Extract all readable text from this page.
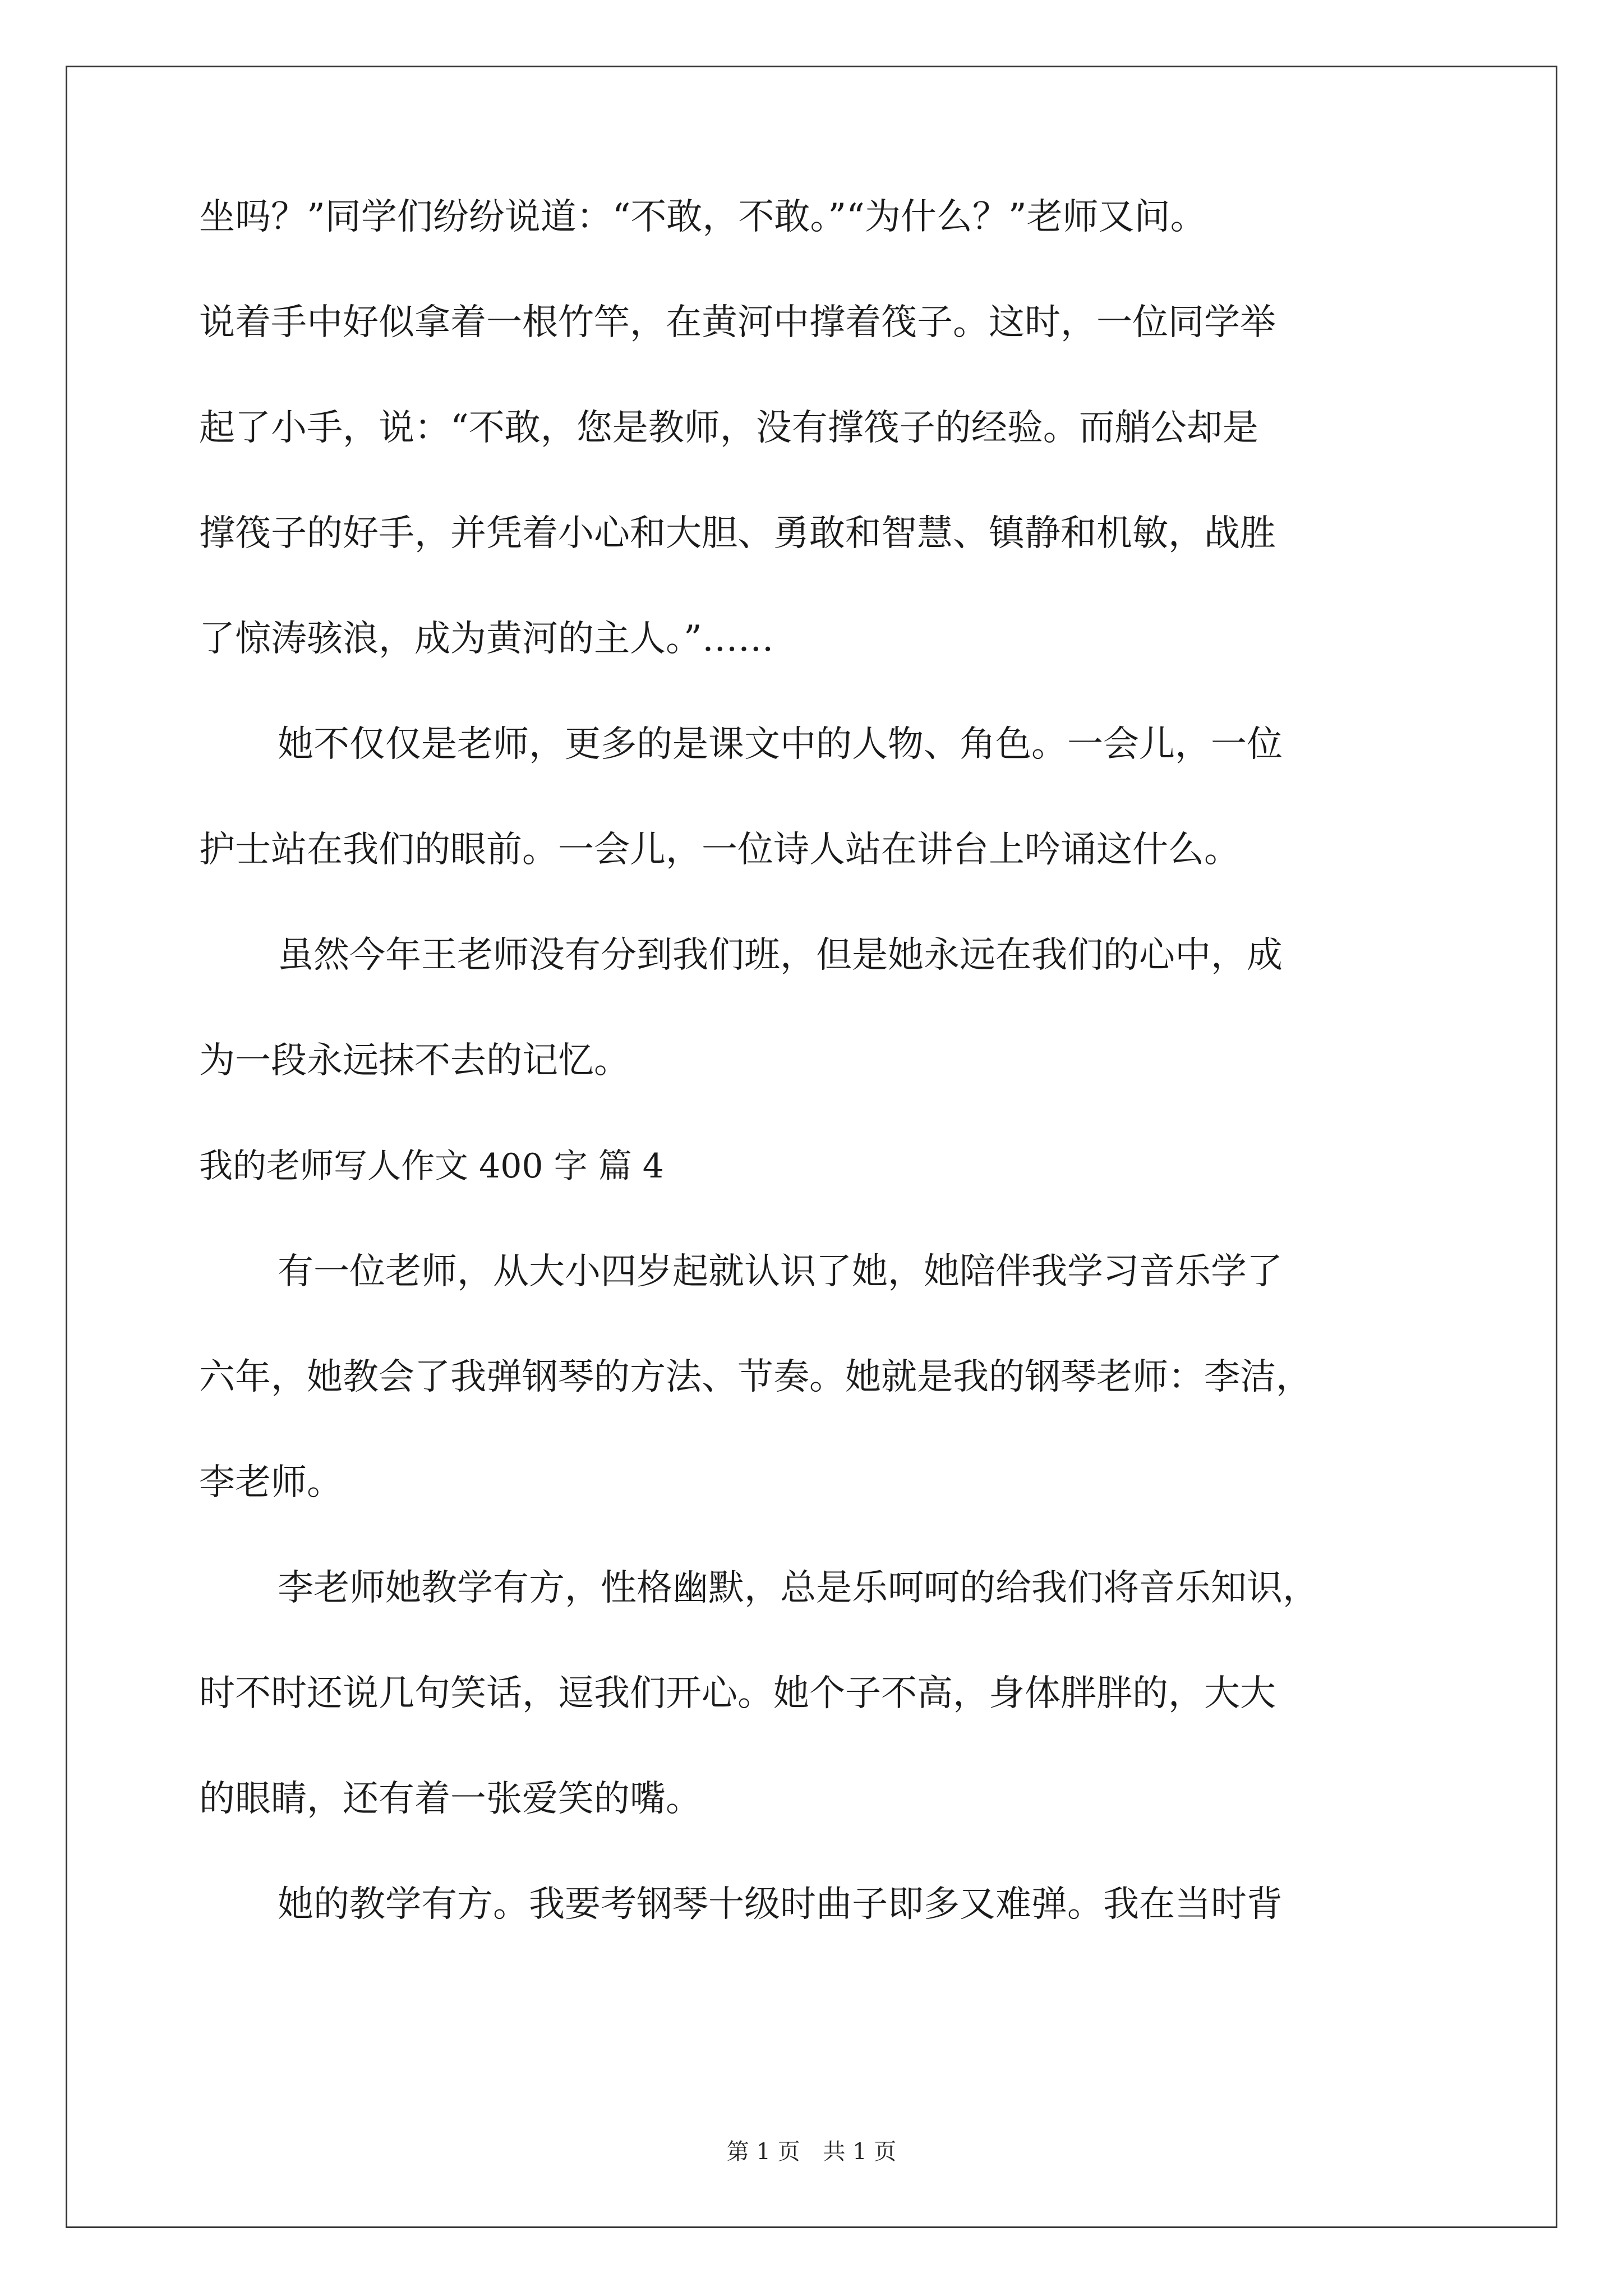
坐吗？”同学们纷纷说道：“不敢，不敢。”“为什么？”老师又问。

说着手中好似拿着一根竹竿，在黄河中撑着筏子。这时，一位同学举

起了小手，说：“不敢，您是教师，没有撑筏子的经验。而艄公却是

撑筏子的好手，并凭着小心和大胆、勇敢和智慧、镇静和机敏，战胜

了惊涛骇浪，成为黄河的主人。”……

她不仅仅是老师，更多的是课文中的人物、角色。一会儿，一位

护士站在我们的眼前。一会儿，一位诗人站在讲台上吟诵这什么。

虽然今年王老师没有分到我们班，但是她永远在我们的心中，成

为一段永远抹不去的记忆。

我的老师写人作文 400 字 篇 4

有一位老师，从大小四岁起就认识了她，她陪伴我学习音乐学了

六年，她教会了我弹钢琴的方法、节奏。她就是我的钢琴老师：李洁，

李老师。

李老师她教学有方，性格幽默，总是乐呵呵的给我们将音乐知识，

时不时还说几句笑话，逗我们开心。她个子不高，身体胖胖的，大大

的眼睛，还有着一张爱笑的嘴。

她的教学有方。我要考钢琴十级时曲子即多又难弹。我在当时背

第 1 页 共 1 页
